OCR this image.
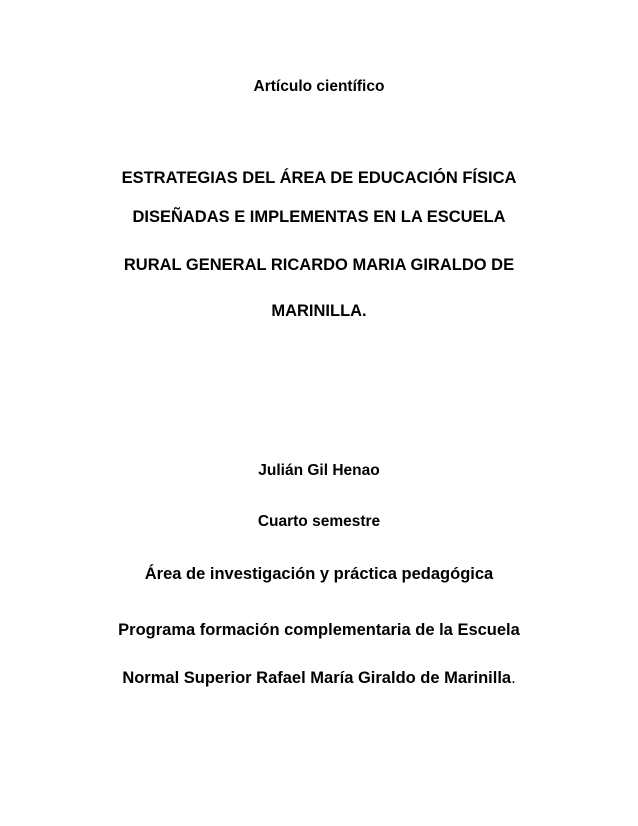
Artículo científico
ESTRATEGIAS DEL ÁREA DE EDUCACIÓN FÍSICA
DISEÑADAS E IMPLEMENTAS EN LA ESCUELA
RURAL GENERAL RICARDO MARIA GIRALDO DE
MARINILLA.
Julián Gil Henao
Cuarto semestre
Área de investigación y práctica pedagógica
Programa formación complementaria de la Escuela
Normal Superior Rafael María Giraldo de Marinilla.
